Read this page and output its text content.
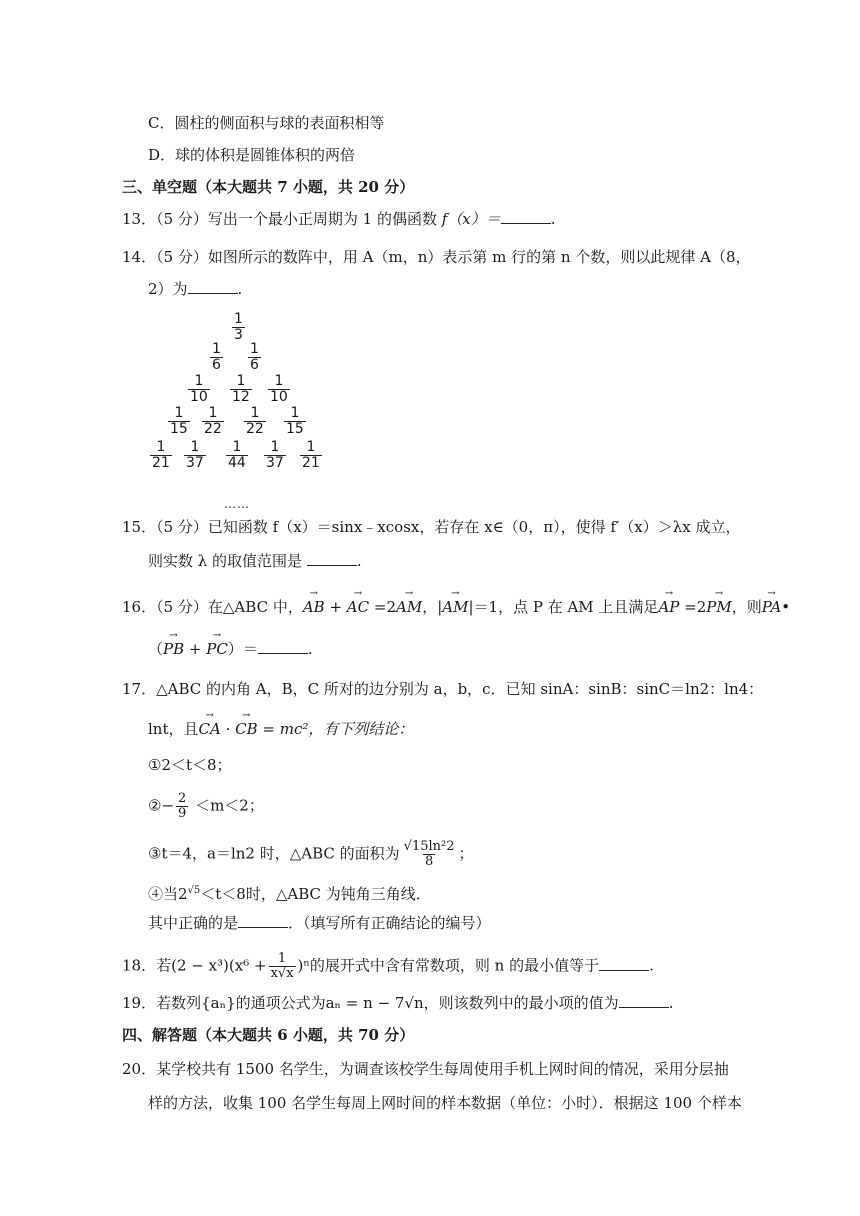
C．圆柱的侧面积与球的表面积相等
D．球的体积是圆锥体积的两倍
三、单空题（本大题共 7 小题，共 20 分）
13．（5 分）写出一个最小正周期为 1 的偶函数 f（x）＝	.
14．（5 分）如图所示的数阵中，用 A（m，n）表示第 m 行的第 n 个数，则以此规律 A（8，
2）为	.
……
$\frac{1}{3}$
$\frac{1}{6} \frac{1}{6}$
$\frac{1}{10} \frac{1}{12} \frac{1}{10}$
$\frac{1}{15} \frac{1}{22} \frac{1}{22} \frac{1}{15}$
$\frac{1}{21} \frac{1}{37} \frac{1}{44} \frac{1}{37} \frac{1}{21}$
15．（5 分）已知函数 f（x）＝sinx﹣xcosx，若存在 x∈（0，π），使得 f′（x）＞λx 成立，
则实数 λ 的取值范围是	.
16．（5 分）在△ABC 中，→ AB + → AC =2→ AM，|→ AM|＝1，点 P 在 AM 上且满足→ AP =2→ PM，则→ PA•
（→ PB + → PC）＝	.
17．△ABC 的内角 A，B，C 所对的边分别为 a，b，c．已知 sinA：sinB：sinC＝ln2：ln4：
lnt，且→ CA · → CB = mc²，有下列结论：
①2＜t＜8；
②− $\frac{2}{9} <m<2$；
③t＝4，a＝ln2 时，△ABC 的面积为 $\frac{\text{√15ln²2}}{8}$ ；
④当$2^{√5}<t<8$时，△ABC 为钝角三角线．
其中正确的是	．（填写所有正确结论的编号）
18．若$(2 - x^3)(x^6 + \frac{1}{x√x} )^n$的展开式中含有常数项，则 n 的最小值等于	.
19．若数列{aₙ}的通项公式为aₙ = n − 7√n，则该数列中的最小项的值为	.
四、解答题（本大题共 6 小题，共 70 分）
20．某学校共有 1500 名学生，为调查该校学生每周使用手机上网时间的情况，采用分层抽
样的方法，收集 100 名学生每周上网时间的样本数据（单位：小时）．根据这 100 个样本
